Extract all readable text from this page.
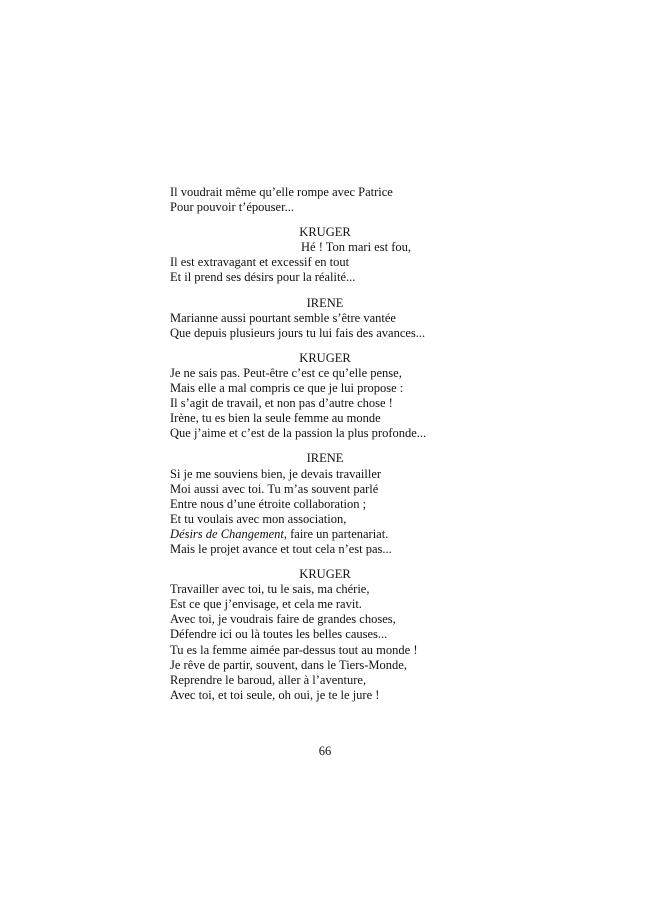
Il voudrait même qu’elle rompe avec Patrice
Pour pouvoir t’épouser...
KRUGER
Hé ! Ton mari est fou,
Il est extravagant et excessif en tout
Et il prend ses désirs pour la réalité...
IRENE
Marianne aussi pourtant semble s’être vantée
Que depuis plusieurs jours tu lui fais des avances...
KRUGER
Je ne sais pas. Peut-être c’est ce qu’elle pense,
Mais elle a mal compris ce que je lui propose :
Il s’agit de travail, et non pas d’autre chose !
Irène, tu es bien la seule femme au monde
Que j’aime et c’est de la passion la plus profonde...
IRENE
Si je me souviens bien, je devais travailler
Moi aussi avec toi. Tu m’as souvent parlé
Entre nous d’une étroite collaboration ;
Et tu voulais avec mon association,
Désirs de Changement, faire un partenariat.
Mais le projet avance et tout cela n’est pas...
KRUGER
Travailler avec toi, tu le sais, ma chérie,
Est ce que j’envisage, et cela me ravit.
Avec toi, je voudrais faire de grandes choses,
Défendre ici ou là toutes les belles causes...
Tu es la femme aimée par-dessus tout au monde !
Je rêve de partir, souvent, dans le Tiers-Monde,
Reprendre le baroud, aller à l’aventure,
Avec toi, et toi seule, oh oui, je te le jure !
66
